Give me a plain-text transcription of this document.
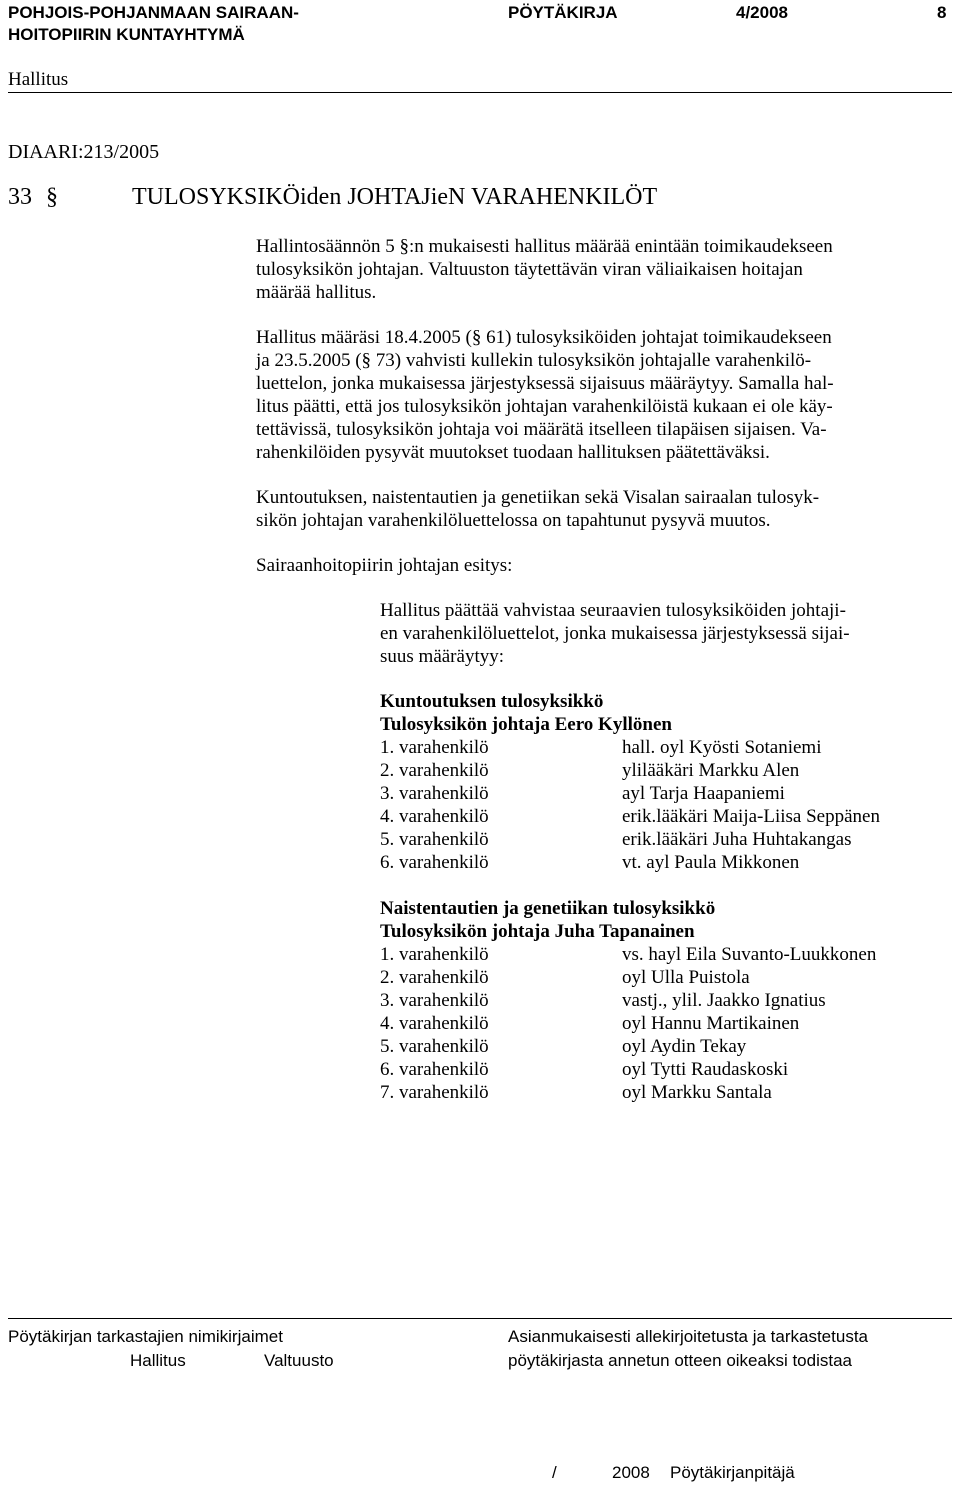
POHJOIS-POHJANMAAN SAIRAAN-
HOITOPIIRIN KUNTAYHTYMÄ
PÖYTÄKIRJA	4/2008	8
Hallitus
DIAARI:213/2005
33 §	TULOSYKSIKÖiden JOHTAJieN VARAHENKILÖT
Hallintosäännön 5 §:n mukaisesti hallitus määrää enintään toimikaudekseen
tulosyksikön johtajan. Valtuuston täytettävän viran väliaikaisen hoitajan
määrää hallitus.
Hallitus määräsi 18.4.2005 (§ 61) tulosyksiköiden johtajat toimikaudekseen
ja 23.5.2005 (§ 73) vahvisti kullekin tulosyksikön johtajalle varahenkilö-
luettelon, jonka mukaisessa järjestyksessä sijaisuus määräytyy. Samalla hal-
litus päätti, että jos tulosyksikön johtajan varahenkilöistä kukaan ei ole käy-
tettävissä, tulosyksikön johtaja voi määrätä itselleen tilapäisen sijaisen. Va-
rahenkilöiden pysyvät muutokset tuodaan hallituksen päätettäväksi.
Kuntoutuksen, naistentautien ja genetiikan sekä Visalan sairaalan tulosyk-
sikön johtajan varahenkilöluettelossa on tapahtunut pysyvä muutos.
Sairaanhoitopiirin johtajan esitys:
Hallitus päättää vahvistaa seuraavien tulosyksiköiden johtaji-
en varahenkilöluettelot, jonka mukaisessa järjestyksessä sijai-
suus määräytyy:
Kuntoutuksen tulosyksikkö
Tulosyksikön johtaja Eero Kyllönen
1. varahenkilö	hall. oyl Kyösti Sotaniemi
2. varahenkilö	ylilääkäri Markku Alen
3. varahenkilö	ayl Tarja Haapaniemi
4. varahenkilö	erik.lääkäri Maija-Liisa Seppänen
5. varahenkilö	erik.lääkäri Juha Huhtakangas
6. varahenkilö	vt. ayl Paula Mikkonen
Naistentautien ja genetiikan tulosyksikkö
Tulosyksikön johtaja Juha Tapanainen
1. varahenkilö	vs. hayl Eila Suvanto-Luukkonen
2. varahenkilö	oyl Ulla Puistola
3. varahenkilö	vastj., ylil. Jaakko Ignatius
4. varahenkilö	oyl Hannu Martikainen
5. varahenkilö	oyl Aydin Tekay
6. varahenkilö	oyl Tytti Raudaskoski
7. varahenkilö	oyl Markku Santala
Pöytäkirjan tarkastajien nimikirjaimet
Hallitus	Valtuusto
Asianmukaisesti allekirjoitetusta ja tarkastetusta
pöytäkirjasta annetun otteen oikeaksi todistaa
/	2008 Pöytäkirjanpitäjä
